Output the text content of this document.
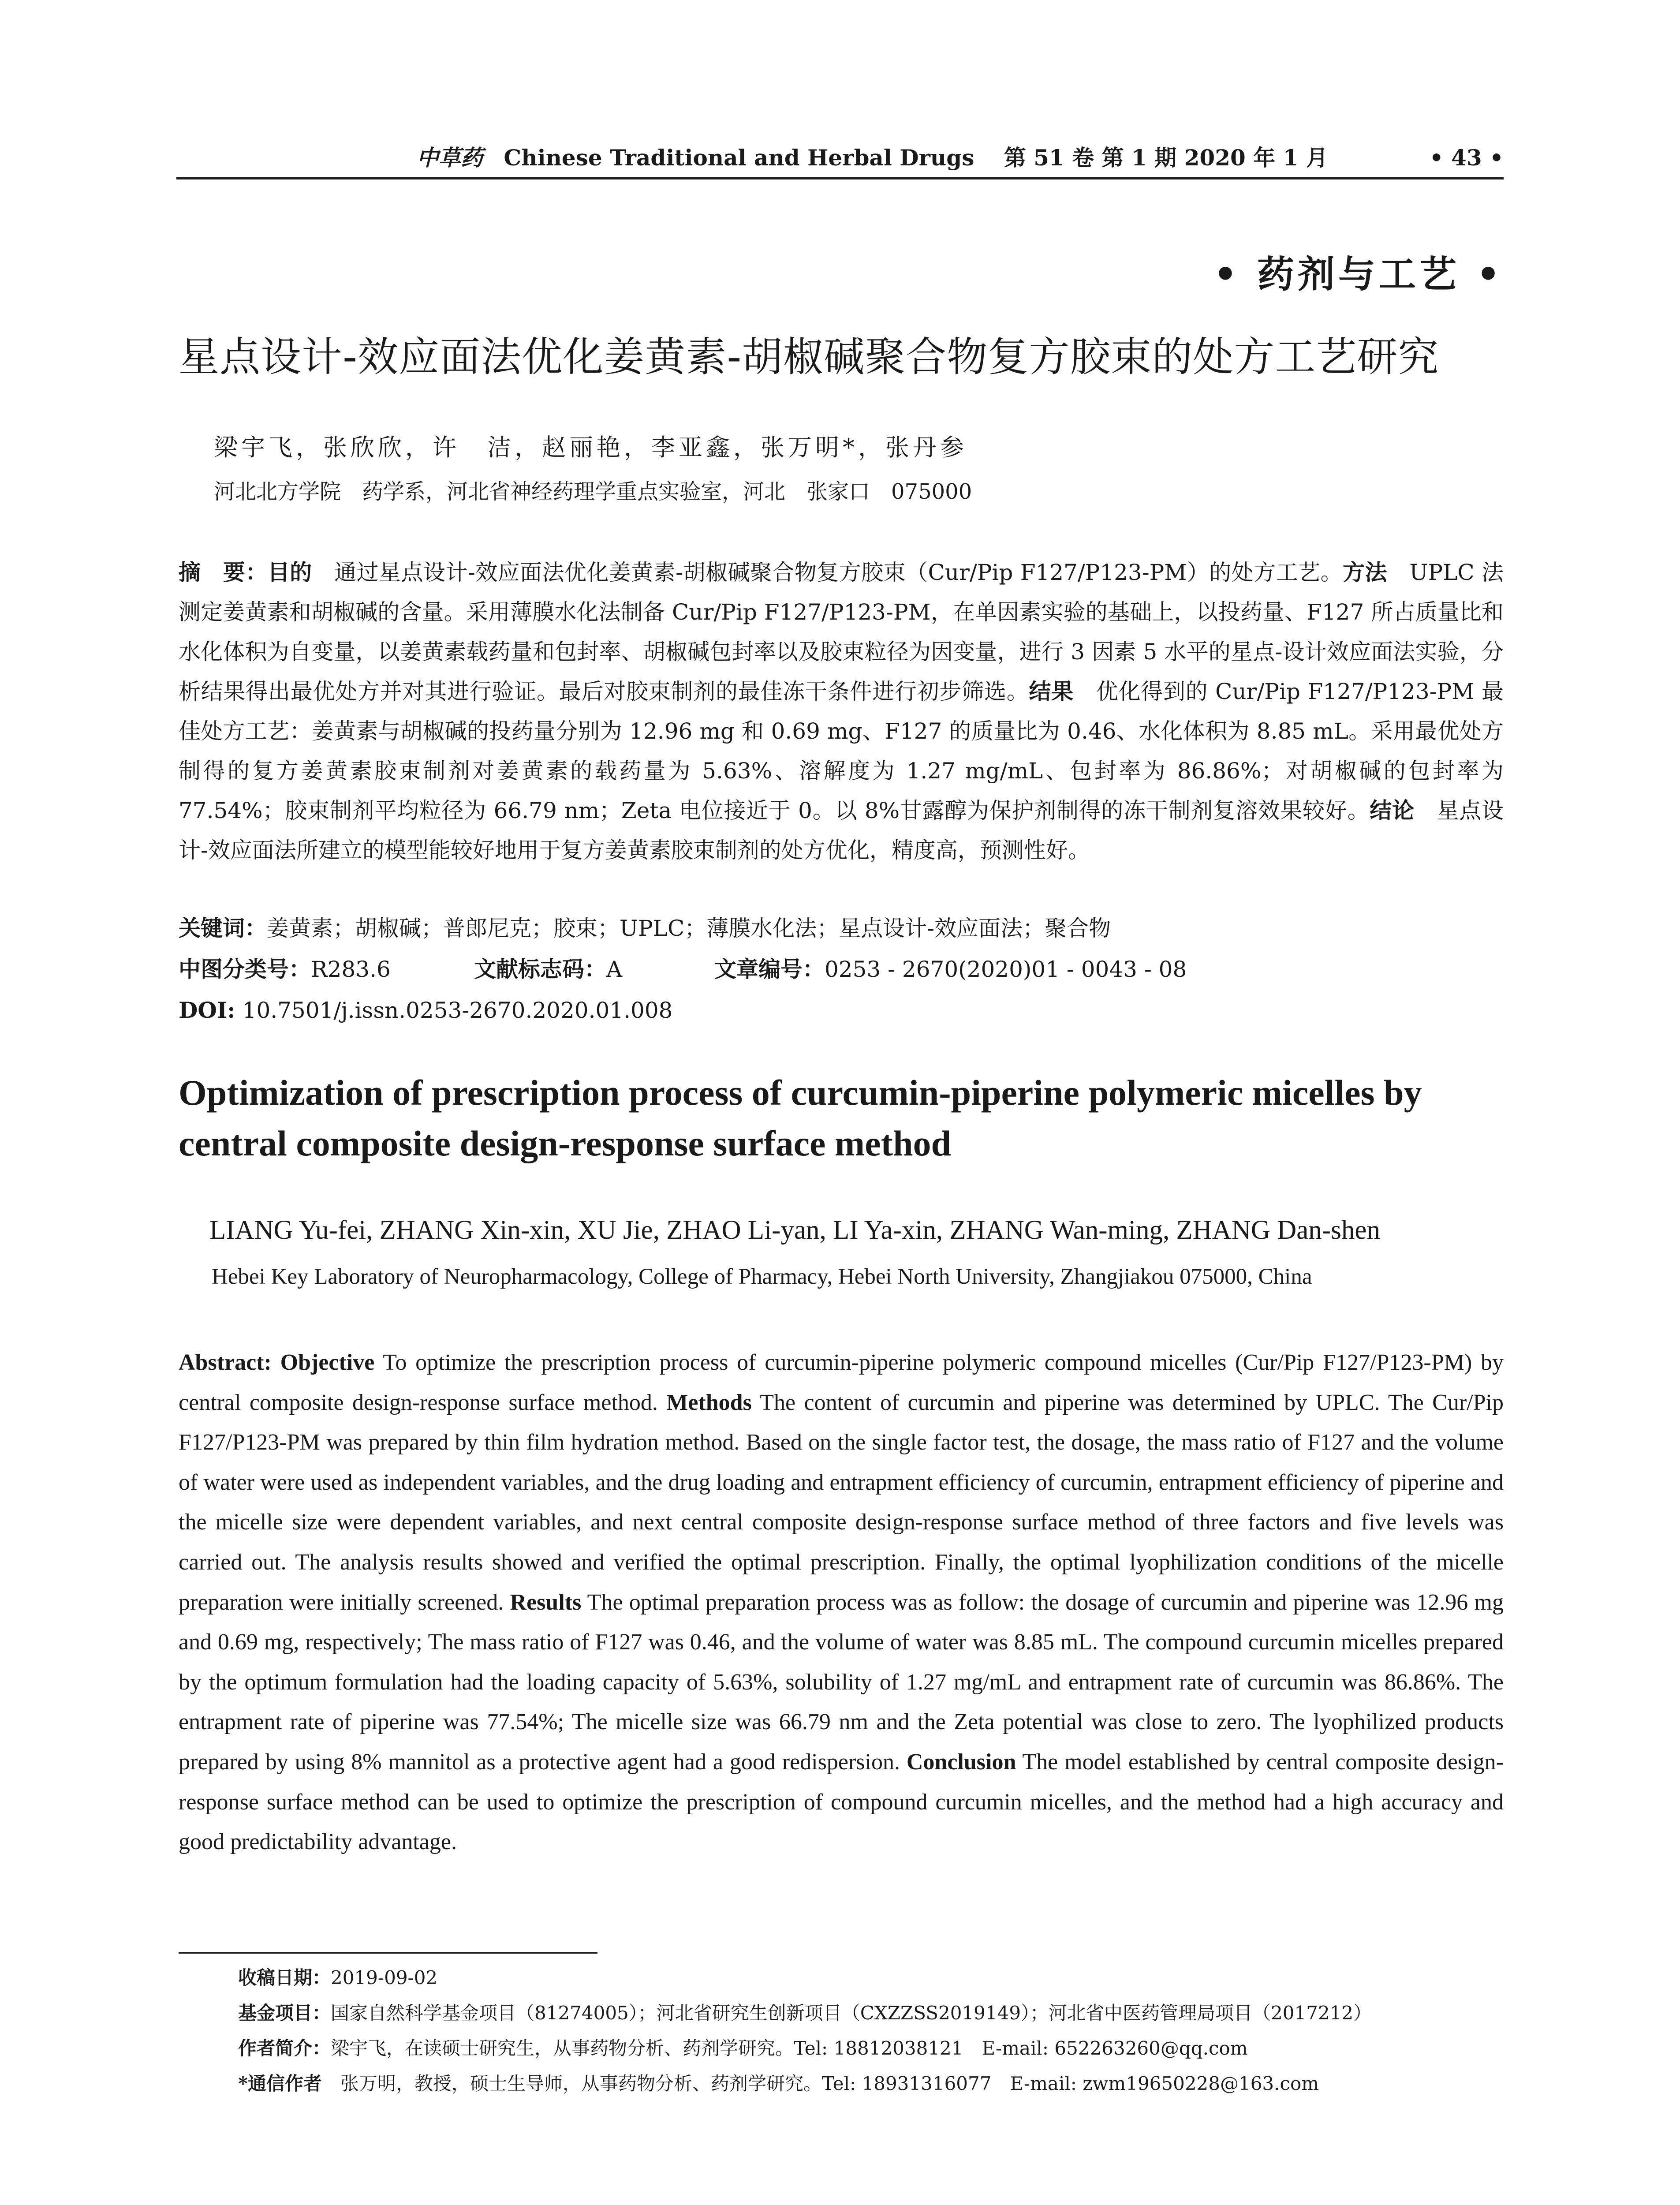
中草药 Chinese Traditional and Herbal Drugs 第 51 卷 第 1 期 2020 年 1 月	• 43 •
• 药剂与工艺 •
星点设计-效应面法优化姜黄素-胡椒碱聚合物复方胶束的处方工艺研究
梁宇飞，张欣欣，许　洁，赵丽艳，李亚鑫，张万明*，张丹参
河北北方学院　药学系，河北省神经药理学重点实验室，河北　张家口　075000

摘　要：目的　通过星点设计-效应面法优化姜黄素-胡椒碱聚合物复方胶束（Cur/Pip F127/P123-PM）的处方工艺。方法　UPLC 法测定姜黄素和胡椒碱的含量。采用薄膜水化法制备 Cur/Pip F127/P123-PM，在单因素实验的基础上，以投药量、F127 所占质量比和水化体积为自变量，以姜黄素载药量和包封率、胡椒碱包封率以及胶束粒径为因变量，进行 3 因素 5 水平的星点-设计效应面法实验，分析结果得出最优处方并对其进行验证。最后对胶束制剂的最佳冻干条件进行初步筛选。结果　优化得到的 Cur/Pip F127/P123-PM 最佳处方工艺：姜黄素与胡椒碱的投药量分别为 12.96 mg 和 0.69 mg、F127 的质量比为 0.46、水化体积为 8.85 mL。采用最优处方制得的复方姜黄素胶束制剂对姜黄素的载药量为 5.63%、溶解度为 1.27 mg/mL、包封率为 86.86%；对胡椒碱的包封率为 77.54%；胶束制剂平均粒径为 66.79 nm；Zeta 电位接近于 0。以 8%甘露醇为保护剂制得的冻干制剂复溶效果较好。结论　星点设计-效应面法所建立的模型能较好地用于复方姜黄素胶束制剂的处方优化，精度高，预测性好。

关键词：姜黄素；胡椒碱；普郎尼克；胶束；UPLC；薄膜水化法；星点设计-效应面法；聚合物
中图分类号：R283.6	文献标志码：A	文章编号：0253 - 2670(2020)01 - 0043 - 08
DOI: 10.7501/j.issn.0253-2670.2020.01.008
Optimization of prescription process of curcumin-piperine polymeric micelles by central composite design-response surface method
LIANG Yu-fei, ZHANG Xin-xin, XU Jie, ZHAO Li-yan, LI Ya-xin, ZHANG Wan-ming, ZHANG Dan-shen
Hebei Key Laboratory of Neuropharmacology, College of Pharmacy, Hebei North University, Zhangjiakou 075000, China

Abstract: Objective To optimize the prescription process of curcumin-piperine polymeric compound micelles (Cur/Pip F127/P123-PM) by central composite design-response surface method. Methods The content of curcumin and piperine was determined by UPLC. The Cur/Pip F127/P123-PM was prepared by thin film hydration method. Based on the single factor test, the dosage, the mass ratio of F127 and the volume of water were used as independent variables, and the drug loading and entrapment efficiency of curcumin, entrapment efficiency of piperine and the micelle size were dependent variables, and next central composite design-response surface method of three factors and five levels was carried out. The analysis results showed and verified the optimal prescription. Finally, the optimal lyophilization conditions of the micelle preparation were initially screened. Results The optimal preparation process was as follow: the dosage of curcumin and piperine was 12.96 mg and 0.69 mg, respectively; The mass ratio of F127 was 0.46, and the volume of water was 8.85 mL. The compound curcumin micelles prepared by the optimum formulation had the loading capacity of 5.63%, solubility of 1.27 mg/mL and entrapment rate of curcumin was 86.86%. The entrapment rate of piperine was 77.54%; The micelle size was 66.79 nm and the Zeta potential was close to zero. The lyophilized products prepared by using 8% mannitol as a protective agent had a good redispersion. Conclusion The model established by central composite design-response surface method can be used to optimize the prescription of compound curcumin micelles, and the method had a high accuracy and good predictability advantage.

收稿日期：2019-09-02
基金项目：国家自然科学基金项目（81274005）；河北省研究生创新项目（CXZZSS2019149）；河北省中医药管理局项目（2017212）
作者简介：梁宇飞，在读硕士研究生，从事药物分析、药剂学研究。Tel: 18812038121　E-mail: 652263260@qq.com
*通信作者　张万明，教授，硕士生导师，从事药物分析、药剂学研究。Tel: 18931316077　E-mail: zwm19650228@163.com
